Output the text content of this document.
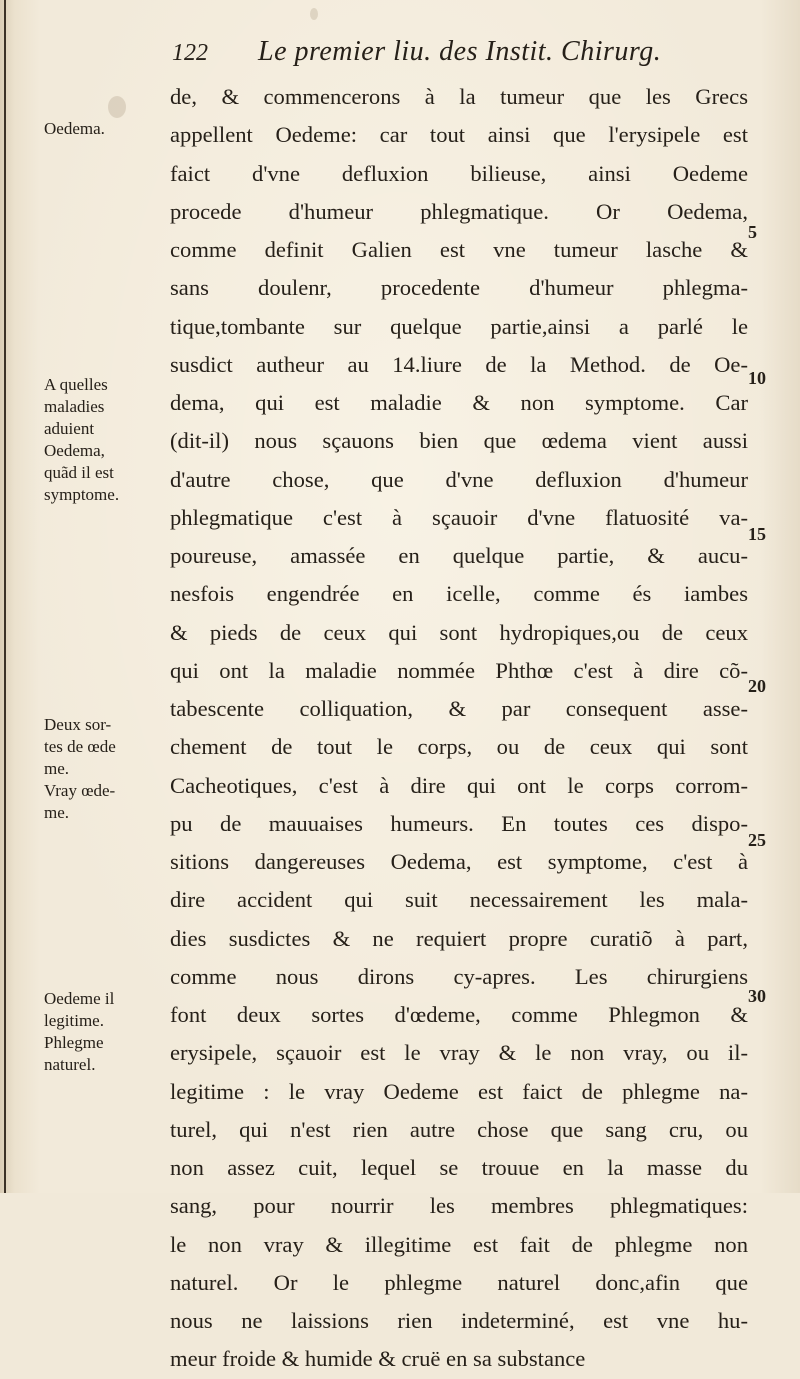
122 Le premier liu. des Instit. Chirurg.
de, & commencerons à la tumeur que les Grecs
appellent Oedeme: car tout ainsi que l'erysipele est
faict d'vne defluxion bilieuse, ainsi Oedeme
procede d'humeur phlegmatique. Or Oedema,
comme definit Galien est vne tumeur lasche &
sans doulenr, procedente d'humeur phlegma-
tique,tombante sur quelque partie,ainsi a parlé le
susdict autheur au 14.liure de la Method. de Oe-
dema, qui est maladie & non symptome. Car
(dit-il) nous sçauons bien que œdema vient aussi
d'autre chose, que d'vne defluxion d'humeur
phlegmatique c'est à sçauoir d'vne flatuosité va-
poureuse, amassée en quelque partie, & aucu-
nesfois engendrée en icelle, comme és iambes
& pieds de ceux qui sont hydropiques,ou de ceux
qui ont la maladie nommée Phthœ c'est à dire cõ-
tabescente colliquation, & par consequent asse-
chement de tout le corps, ou de ceux qui sont
Cacheotiques, c'est à dire qui ont le corps corrom-
pu de mauuaises humeurs. En toutes ces dispo-
sitions dangereuses Oedema, est symptome, c'est à
dire accident qui suit necessairement les mala-
dies susdictes & ne requiert propre curatiõ à part,
comme nous dirons cy-apres. Les chirurgiens
font deux sortes d'œdeme, comme Phlegmon &
erysipele, sçauoir est le vray & le non vray, ou il-
legitime : le vray Oedeme est faict de phlegme na-
turel, qui n'est rien autre chose que sang cru, ou
non assez cuit, lequel se trouue en la masse du
sang, pour nourrir les membres phlegmatiques:
le non vray & illegitime est fait de phlegme non
naturel. Or le phlegme naturel donc,afin que
nous ne laissions rien indeterminé, est vne hu-
meur froide & humide & cruë en sa substance
Oedema.
A quelles
maladies
aduient
Oedema,
quãd il est
symptome.
Deux sor-
tes de œde
me.
Vray œde-
me.
Oedeme il
legitime.
Phlegme
naturel.
5
10
15
20
25
30
